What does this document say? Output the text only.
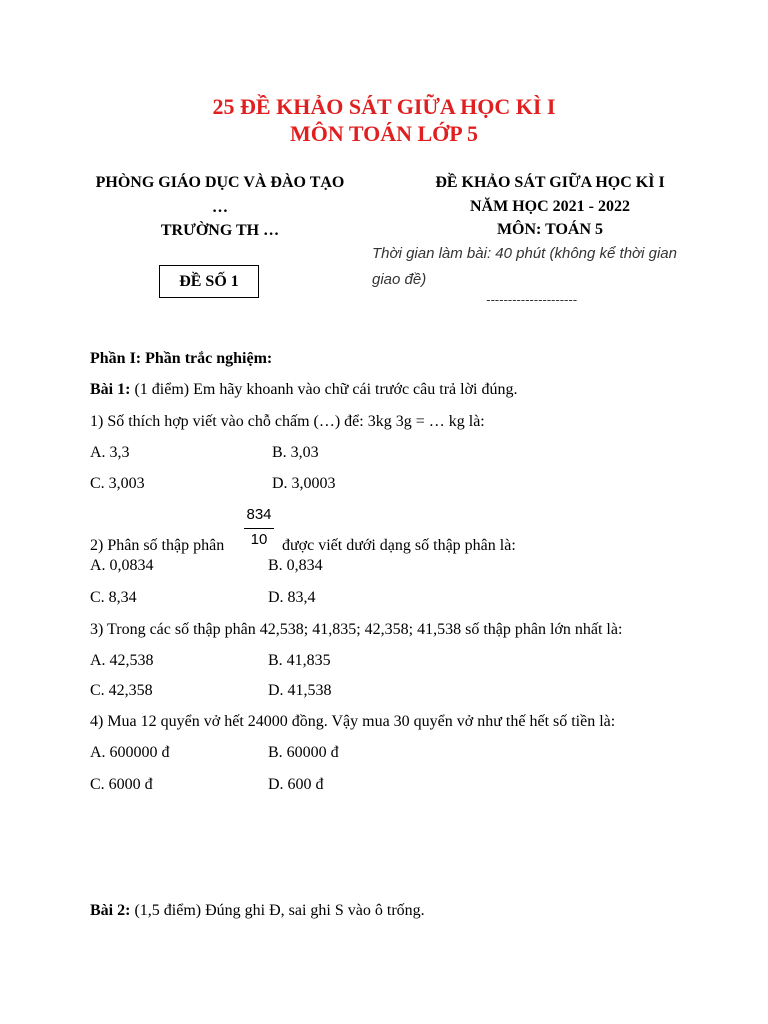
25 ĐỀ KHẢO SÁT GIỮA HỌC KÌ I
MÔN TOÁN LỚP 5
PHÒNG GIÁO DỤC VÀ ĐÀO TẠO
…
TRƯỜNG TH …
ĐỀ SỐ 1
ĐỀ KHẢO SÁT GIỮA HỌC KÌ I
NĂM HỌC 2021 - 2022
MÔN: TOÁN 5
Thời gian làm bài: 40 phút (không kể thời gian
giao đề)
---------------------
Phần I: Phần trắc nghiệm:
Bài 1: (1 điểm) Em hãy khoanh vào chữ cái trước câu trả lời đúng.
1) Số thích hợp viết vào chỗ chấm (…) để: 3kg 3g = … kg là:
A. 3,3	B. 3,03
C. 3,003	D. 3,0003
2) Phân số thập phân
834
10 được viết dưới dạng số thập phân là:
A. 0,0834	B. 0,834
C. 8,34	D. 83,4
3) Trong các số thập phân 42,538; 41,835; 42,358; 41,538 số thập phân lớn nhất là:
A. 42,538	B. 41,835
C. 42,358	D. 41,538
4) Mua 12 quyển vở hết 24000 đồng. Vậy mua 30 quyển vở như thế hết số tiền là:
A. 600000 đ	B. 60000 đ
C. 6000 đ	D. 600 đ
Bài 2: (1,5 điểm) Đúng ghi Đ, sai ghi S vào ô trống.
